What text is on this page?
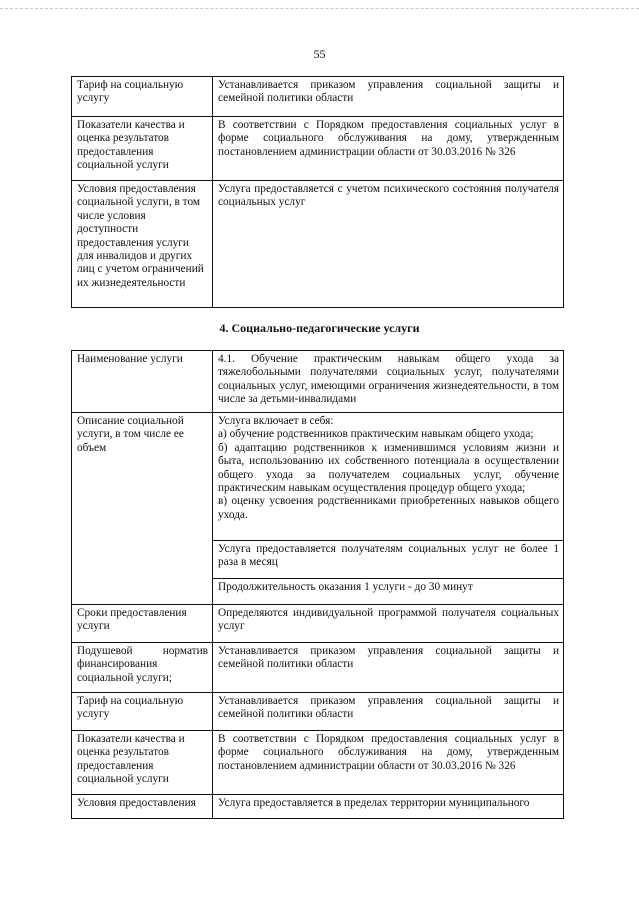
55
Тариф на социальную услугу	Устанавливается приказом управления социальной защиты и семейной политики области
Показатели качества и оценка результатов предоставления социальной услуги	В соответствии с Порядком предоставления социальных услуг в форме социального обслуживания на дому, утвержденным постановлением администрации области от 30.03.2016 № 326
Условия предоставления социальной услуги, в том числе условия доступности предоставления услуги для инвалидов и других лиц с учетом ограничений их жизнедеятельности	Услуга предоставляется с учетом психического состояния получателя социальных услуг
4. Социально-педагогические услуги
Наименование услуги	4.1. Обучение практическим навыкам общего ухода за тяжелобольными получателями социальных услуг, получателями социальных услуг, имеющими ограничения жизнедеятельности, в том числе за детьми-инвалидами
Описание социальной услуги, в том числе ее объем	Услуга включает в себя:
а) обучение родственников практическим навыкам общего ухода;
б) адаптацию родственников к изменившимся условиям жизни и быта, использованию их собственного потенциала в осуществлении общего ухода за получателем социальных услуг, обучение практическим навыкам осуществления процедур общего ухода;
в) оценку усвоения родственниками приобретенных навыков общего ухода.

	Услуга предоставляется получателям социальных услуг не более 1 раза в месяц
	Продолжительность оказания 1 услуги - до 30 минут
Сроки предоставления услуги	Определяются индивидуальной программой получателя социальных услуг

Подушевой норматив
финансирования социальной услуги;	Устанавливается приказом управления социальной защиты и семейной политики области
Тариф на социальную услугу	Устанавливается приказом управления социальной защиты и семейной политики области
Показатели качества и оценка результатов предоставления социальной услуги	В соответствии с Порядком предоставления социальных услуг в форме социального обслуживания на дому, утвержденным постановлением администрации области от 30.03.2016 № 326
Условия предоставления	Услуга предоставляется в пределах территории муниципального
